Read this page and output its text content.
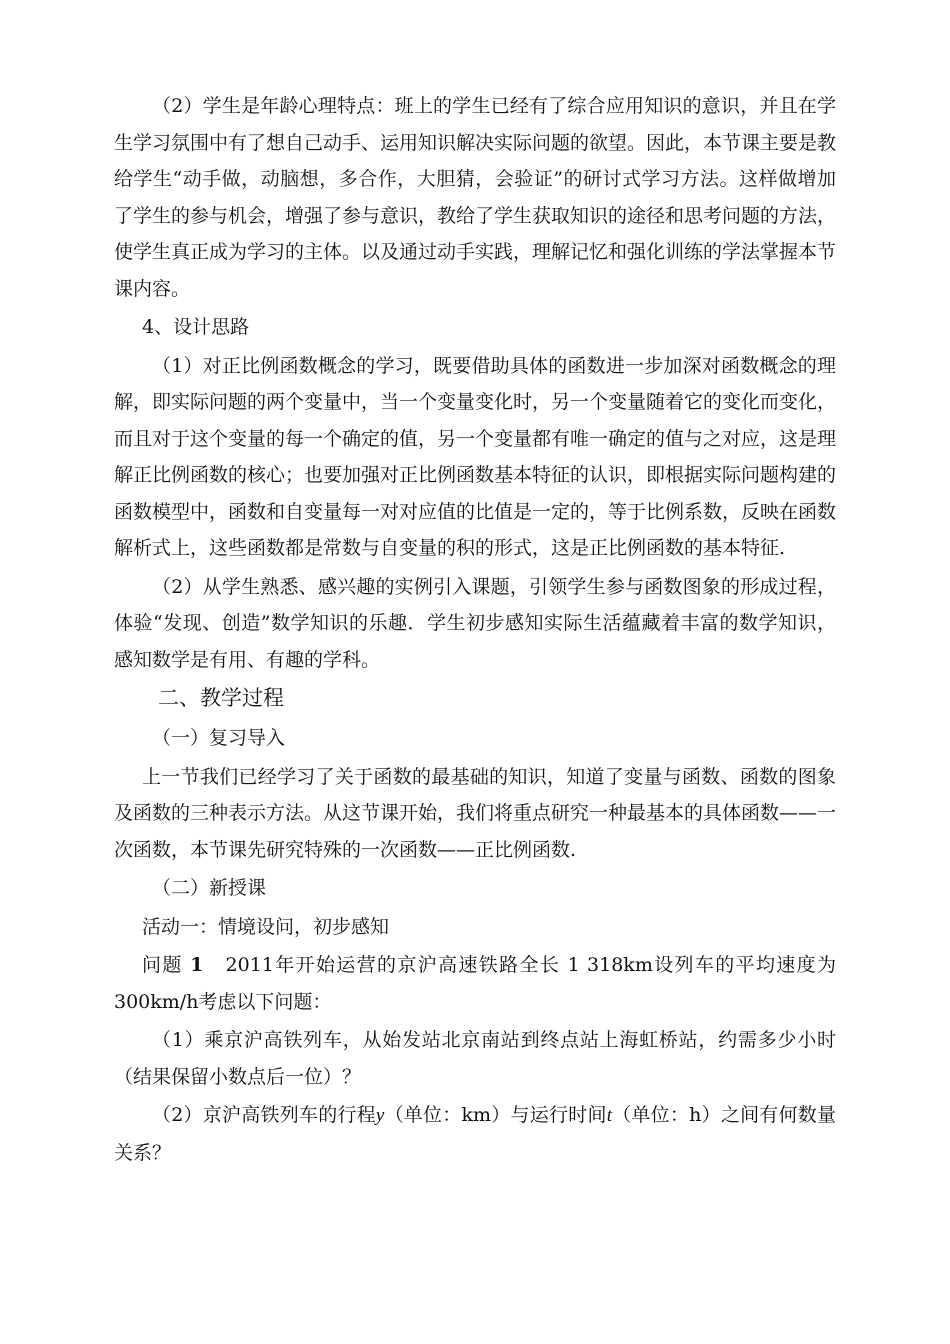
（2）学生是年龄心理特点：班上的学生已经有了综合应用知识的意识，并且在学生学习氛围中有了想自己动手、运用知识解决实际问题的欲望。因此，本节课主要是教给学生“动手做，动脑想，多合作，大胆猜，会验证”的研讨式学习方法。这样做增加了学生的参与机会，增强了参与意识，教给了学生获取知识的途径和思考问题的方法，使学生真正成为学习的主体。以及通过动手实践，理解记忆和强化训练的学法掌握本节课内容。

4、设计思路

（1）对正比例函数概念的学习，既要借助具体的函数进一步加深对函数概念的理解，即实际问题的两个变量中，当一个变量变化时，另一个变量随着它的变化而变化，而且对于这个变量的每一个确定的值，另一个变量都有唯一确定的值与之对应，这是理解正比例函数的核心；也要加强对正比例函数基本特征的认识，即根据实际问题构建的函数模型中，函数和自变量每一对对应值的比值是一定的，等于比例系数，反映在函数解析式上，这些函数都是常数与自变量的积的形式，这是正比例函数的基本特征.

（2）从学生熟悉、感兴趣的实例引入课题，引领学生参与函数图象的形成过程，体验“发现、创造”数学知识的乐趣．学生初步感知实际生活蕴藏着丰富的数学知识，感知数学是有用、有趣的学科。

二、教学过程

（一）复习导入

上一节我们已经学习了关于函数的最基础的知识，知道了变量与函数、函数的图象及函数的三种表示方法。从这节课开始，我们将重点研究一种最基本的具体函数——一次函数，本节课先研究特殊的一次函数——正比例函数.

（二）新授课

活动一：情境设问，初步感知

问题 1 2011年开始运营的京沪高速铁路全长 1 318km设列车的平均速度为300km/h考虑以下问题：

（1）乘京沪高铁列车，从始发站北京南站到终点站上海虹桥站，约需多少小时（结果保留小数点后一位）？

（2）京沪高铁列车的行程y（单位：km）与运行时间t（单位：h）之间有何数量关系？
